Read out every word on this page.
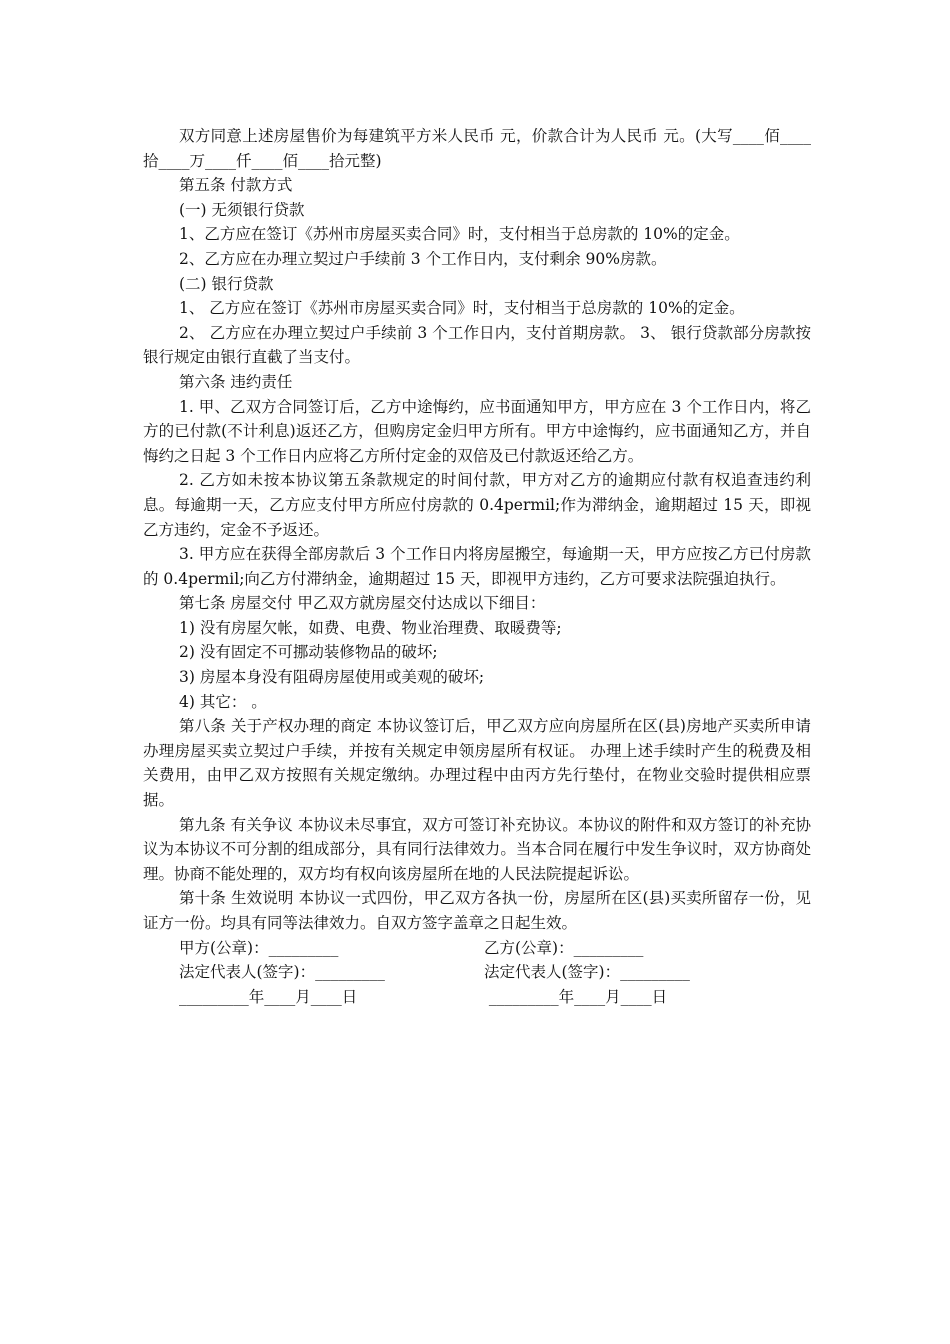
双方同意上述房屋售价为每建筑平方米人民币 元，价款合计为人民币 元。(大写____佰____拾____万____仟____佰____拾元整)

第五条 付款方式

(一) 无须银行贷款

1、乙方应在签订《苏州市房屋买卖合同》时，支付相当于总房款的 10%的定金。

2、乙方应在办理立契过户手续前 3 个工作日内，支付剩余 90%房款。

(二) 银行贷款

1、 乙方应在签订《苏州市房屋买卖合同》时，支付相当于总房款的 10%的定金。

2、 乙方应在办理立契过户手续前 3 个工作日内，支付首期房款。 3、 银行贷款部分房款按银行规定由银行直截了当支付。

第六条 违约责任

1. 甲、乙双方合同签订后，乙方中途悔约，应书面通知甲方，甲方应在 3 个工作日内，将乙方的已付款(不计利息)返还乙方，但购房定金归甲方所有。甲方中途悔约，应书面通知乙方，并自悔约之日起 3 个工作日内应将乙方所付定金的双倍及已付款返还给乙方。

2. 乙方如未按本协议第五条款规定的时间付款，甲方对乙方的逾期应付款有权追查违约利息。每逾期一天，乙方应支付甲方所应付房款的 0.4permil;作为滞纳金，逾期超过 15 天，即视乙方违约，定金不予返还。

3. 甲方应在获得全部房款后 3 个工作日内将房屋搬空，每逾期一天，甲方应按乙方已付房款的 0.4permil;向乙方付滞纳金，逾期超过 15 天，即视甲方违约，乙方可要求法院强迫执行。

第七条 房屋交付 甲乙双方就房屋交付达成以下细目：

1) 没有房屋欠帐，如费、电费、物业治理费、取暖费等;

2) 没有固定不可挪动装修物品的破坏;

3) 房屋本身没有阻碍房屋使用或美观的破坏;

4) 其它： 。

第八条 关于产权办理的商定 本协议签订后，甲乙双方应向房屋所在区(县)房地产买卖所申请办理房屋买卖立契过户手续，并按有关规定申领房屋所有权证。 办理上述手续时产生的税费及相关费用，由甲乙双方按照有关规定缴纳。办理过程中由丙方先行垫付，在物业交验时提供相应票据。

第九条 有关争议 本协议未尽事宜，双方可签订补充协议。本协议的附件和双方签订的补充协议为本协议不可分割的组成部分，具有同行法律效力。当本合同在履行中发生争议时，双方协商处理。协商不能处理的，双方均有权向该房屋所在地的人民法院提起诉讼。

第十条 生效说明 本协议一式四份，甲乙双方各执一份，房屋所在区(县)买卖所留存一份，见证方一份。均具有同等法律效力。自双方签字盖章之日起生效。

甲方(公章)：_________	乙方(公章)：_________
法定代表人(签字)：_________	法定代表人(签字)：_________
_________年____月____日	_________年____月____日
